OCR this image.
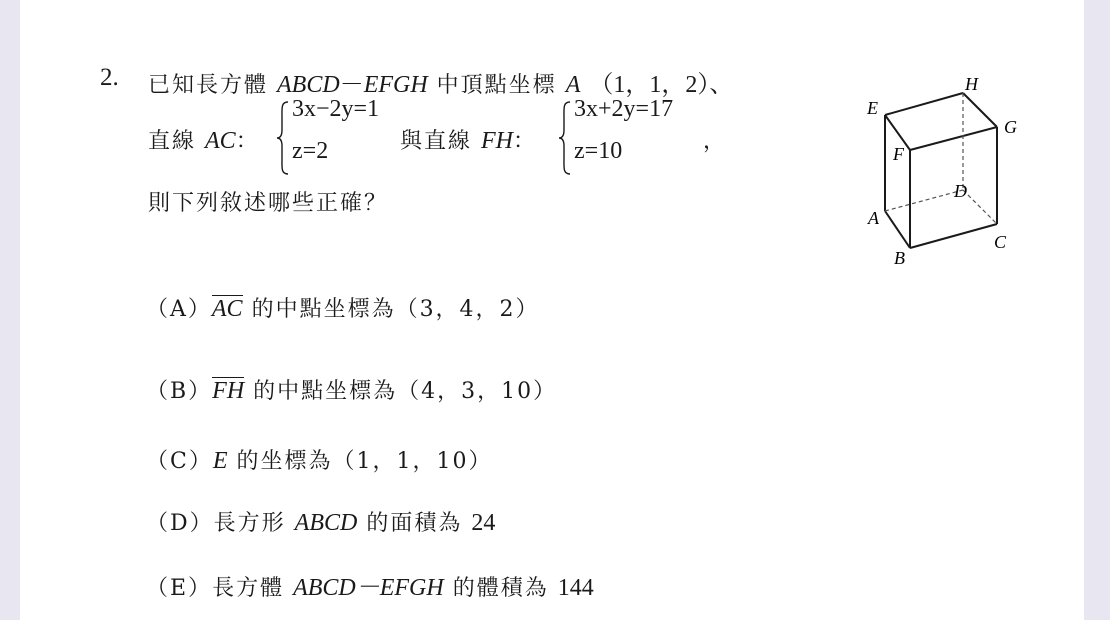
2. 已知長方體 ABCD－EFGH 中頂點坐標 A （1，1，2）、
直線 AC：
3x−2y=1
z=2	與直線 FH：
3x+2y=17
z=10	，
則下列敘述哪些正確？
E
H
G
F
D
A
B
C
（A）AC 的中點坐標為（3，4，2）
（B）FH 的中點坐標為（4，3，10）
（C）E 的坐標為（1，1，10）
（D）長方形 ABCD 的面積為 24
（E）長方體 ABCD－EFGH 的體積為 144
